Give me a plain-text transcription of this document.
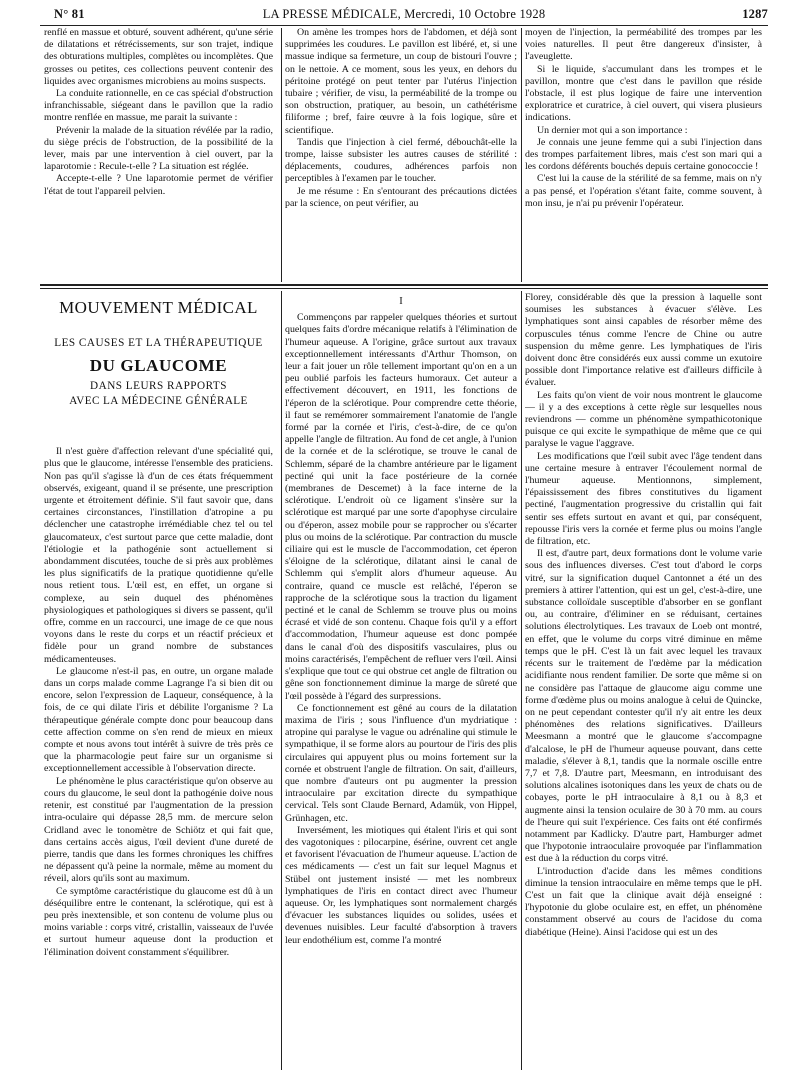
N° 81	LA PRESSE MÉDICALE, Mercredi, 10 Octobre 1928	1287

renflé en massue et obturé, souvent adhérent, qu'une série de dilatations et rétrécissements, sur son trajet, indique des obturations multiples, complètes ou incomplètes. Que grosses ou petites, ces collections peuvent contenir des liquides avec organismes microbiens au moins suspects.

La conduite rationnelle, en ce cas spécial d'obstruction infranchissable, siégeant dans le pavillon que la radio montre renflée en massue, me parait la suivante :

Prévenir la malade de la situation révélée par la radio, du siège précis de l'obstruction, de la possibilité de la lever, mais par une intervention à ciel ouvert, par la laparotomie : Recule-t-elle ? La situation est réglée.

Accepte-t-elle ? Une laparotomie permet de vérifier l'état de tout l'appareil pelvien.

On amène les trompes hors de l'abdomen, et déjà sont supprimées les coudures. Le pavillon est libéré, et, si une massue indique sa fermeture, un coup de bistouri l'ouvre ; on le nettoie. A ce moment, sous les yeux, en dehors du péritoine protégé on peut tenter par l'utérus l'injection tubaire ; vérifier, de visu, la perméabilité de la trompe ou son obstruction, pratiquer, au besoin, un cathétérisme filiforme ; bref, faire œuvre à la fois logique, sûre et scientifique.

Tandis que l'injection à ciel fermé, débouchât-elle la trompe, laisse subsister les autres causes de stérilité : déplacements, coudures, adhérences parfois non perceptibles à l'examen par le toucher.

Je me résume : En s'entourant des précautions dictées par la science, on peut vérifier, au

moyen de l'injection, la perméabilité des trompes par les voies naturelles. Il peut être dangereux d'insister, à l'aveuglette.

Si le liquide, s'accumulant dans les trompes et le pavillon, montre que c'est dans le pavillon que réside l'obstacle, il est plus logique de faire une intervention exploratrice et curatrice, à ciel ouvert, qui visera plusieurs indications.

Un dernier mot qui a son importance :

Je connais une jeune femme qui a subi l'injection dans des trompes parfaitement libres, mais c'est son mari qui a les cordons déférents bouchés depuis certaine gonococcie !

C'est lui la cause de la stérilité de sa femme, mais on n'y a pas pensé, et l'opération s'étant faite, comme souvent, à mon insu, je n'ai pu prévenir l'opérateur.

MOUVEMENT MÉDICAL
LES CAUSES ET LA THÉRAPEUTIQUE
DU GLAUCOME
DANS LEURS RAPPORTS
AVEC LA MÉDECINE GÉNÉRALE

Il n'est guère d'affection relevant d'une spécialité qui, plus que le glaucome, intéresse l'ensemble des praticiens. Non pas qu'il s'agisse là d'un de ces états fréquemment observés, exigeant, quand il se présente, une prescription urgente et étroitement définie. S'il faut savoir que, dans certaines circonstances, l'instillation d'atropine a pu déclencher une catastrophe irrémédiable chez tel ou tel glaucomateux, c'est surtout parce que cette maladie, dont l'étiologie et la pathogénie sont actuellement si abondamment discutées, touche de si près aux problèmes les plus significatifs de la pratique quotidienne qu'elle nous retient tous. L'œil est, en effet, un organe si complexe, au sein duquel des phénomènes physiologiques et pathologiques si divers se passent, qu'il offre, comme en un raccourci, une image de ce que nous voyons dans le reste du corps et un réactif précieux et fidèle pour un grand nombre de substances médicamenteuses.

Le glaucome n'est-il pas, en outre, un organe malade dans un corps malade comme Lagrange l'a si bien dit ou encore, selon l'expression de Laqueur, conséquence, à la fois, de ce qui dilate l'iris et débilite l'organisme ? La thérapeutique générale compte donc pour beaucoup dans cette affection comme on s'en rend de mieux en mieux compte et nous avons tout intérêt à suivre de très près ce que la pharmacologie peut faire sur un organisme si exceptionnellement accessible à l'observation directe.

Le phénomène le plus caractéristique qu'on observe au cours du glaucome, le seul dont la pathogénie doive nous retenir, est constitué par l'augmentation de la pression intra-oculaire qui dépasse 28,5 mm. de mercure selon Cridland avec le tonomètre de Schiötz et qui fait que, dans certains accès aigus, l'œil devient d'une dureté de pierre, tandis que dans les formes chroniques les chiffres ne dépassent qu'à peine la normale, même au moment du réveil, alors qu'ils sont au maximum.

Ce symptôme caractéristique du glaucome est dû à un déséquilibre entre le contenant, la sclérotique, qui est à peu près inextensible, et son contenu de volume plus ou moins variable : corps vitré, cristallin, vaisseaux de l'uvée et surtout humeur aqueuse dont la production et l'élimination doivent constamment s'équilibrer.

I

Commençons par rappeler quelques théories et surtout quelques faits d'ordre mécanique relatifs à l'élimination de l'humeur aqueuse. A l'origine, grâce surtout aux travaux exceptionnellement intéressants d'Arthur Thomson, on leur a fait jouer un rôle tellement important qu'on en a un peu oublié parfois les facteurs humoraux. Cet auteur a effectivement découvert, en 1911, les fonctions de l'éperon de la sclérotique. Pour comprendre cette théorie, il faut se remémorer sommairement l'anatomie de l'angle formé par la cornée et l'iris, c'est-à-dire, de ce qu'on appelle l'angle de filtration. Au fond de cet angle, à l'union de la cornée et de la sclérotique, se trouve le canal de Schlemm, séparé de la chambre antérieure par le ligament pectiné qui unit la face postérieure de la cornée (membranes de Descemet) à la face interne de la sclérotique. L'endroit où ce ligament s'insère sur la sclérotique est marqué par une sorte d'apophyse circulaire ou d'éperon, assez mobile pour se rapprocher ou s'écarter plus ou moins de la sclérotique. Par contraction du muscle ciliaire qui est le muscle de l'accommodation, cet éperon s'éloigne de la sclérotique, dilatant ainsi le canal de Schlemm qui s'emplit alors d'humeur aqueuse. Au contraire, quand ce muscle est relâché, l'éperon se rapproche de la sclérotique sous la traction du ligament pectiné et le canal de Schlemm se trouve plus ou moins écrasé et vidé de son contenu. Chaque fois qu'il y a effort d'accommodation, l'humeur aqueuse est donc pompée dans le canal d'où des dispositifs vasculaires, plus ou moins caractérisés, l'empêchent de refluer vers l'œil. Ainsi s'explique que tout ce qui obstrue cet angle de filtration ou gêne son fonctionnement diminue la marge de sûreté que l'œil possède à l'égard des surpressions.

Ce fonctionnement est gêné au cours de la dilatation maxima de l'iris ; sous l'influence d'un mydriatique : atropine qui paralyse le vague ou adrénaline qui stimule le sympathique, il se forme alors au pourtour de l'iris des plis circulaires qui appuyent plus ou moins fortement sur la cornée et obstruent l'angle de filtration. On sait, d'ailleurs, que nombre d'auteurs ont pu augmenter la pression intraoculaire par excitation directe du sympathique cervical. Tels sont Claude Bernard, Adamük, von Hippel, Grünhagen, etc.

Inversément, les miotiques qui étalent l'iris et qui sont des vagotoniques : pilocarpine, ésérine, ouvrent cet angle et favorisent l'évacuation de l'humeur aqueuse. L'action de ces médicaments — c'est un fait sur lequel Magnus et Stübel ont justement insisté — met les nombreux lymphatiques de l'iris en contact direct avec l'humeur aqueuse. Or, les lymphatiques sont normalement chargés d'évacuer les substances liquides ou solides, usées et devenues nuisibles. Leur faculté d'absorption à travers leur endothélium est, comme l'a montré

Florey, considérable dès que la pression à laquelle sont soumises les substances à évacuer s'élève. Les lymphatiques sont ainsi capables de résorber même des corpuscules ténus comme l'encre de Chine ou autre suspension du même genre. Les lymphatiques de l'iris doivent donc être considérés eux aussi comme un exutoire possible dont l'importance relative est d'ailleurs difficile à évaluer.

Les faits qu'on vient de voir nous montrent le glaucome — il y a des exceptions à cette règle sur lesquelles nous reviendrons — comme un phénomène sympathicotonique puisque ce qui excite le sympathique de même que ce qui paralyse le vague l'aggrave.

Les modifications que l'œil subit avec l'âge tendent dans une certaine mesure à entraver l'écoulement normal de l'humeur aqueuse. Mentionnons, simplement, l'épaississement des fibres constitutives du ligament pectiné, l'augmentation progressive du cristallin qui fait sentir ses effets surtout en avant et qui, par conséquent, repousse l'iris vers la cornée et ferme plus ou moins l'angle de filtration, etc.

Il est, d'autre part, deux formations dont le volume varie sous des influences diverses. C'est tout d'abord le corps vitré, sur la signification duquel Cantonnet a été un des premiers à attirer l'attention, qui est un gel, c'est-à-dire, une substance colloïdale susceptible d'absorber en se gonflant ou, au contraire, d'éliminer en se réduisant, certaines solutions électrolytiques. Les travaux de Loeb ont montré, en effet, que le volume du corps vitré diminue en même temps que le pH. C'est là un fait avec lequel les travaux récents sur le traitement de l'œdème par la médication acidifiante nous rendent familier. De sorte que même si on ne considère pas l'attaque de glaucome aigu comme une forme d'œdème plus ou moins analogue à celui de Quincke, on ne peut cependant contester qu'il n'y ait entre les deux phénomènes des relations significatives. D'ailleurs Meesmann a montré que le glaucome s'accompagne d'alcalose, le pH de l'humeur aqueuse pouvant, dans cette maladie, s'élever à 8,1, tandis que la normale oscille entre 7,7 et 7,8. D'autre part, Meesmann, en introduisant des solutions alcalines isotoniques dans les yeux de chats ou de cobayes, porte le pH intraoculaire à 8,1 ou à 8,3 et augmente ainsi la tension oculaire de 30 à 70 mm. au cours de l'heure qui suit l'expérience. Ces faits ont été confirmés notamment par Kadlicky. D'autre part, Hamburger admet que l'hypotonie intraoculaire provoquée par l'inflammation est due à la réduction du corps vitré.

L'introduction d'acide dans les mêmes conditions diminue la tension intraoculaire en même temps que le pH. C'est un fait que la clinique avait déjà enseigné : l'hypotonie du globe oculaire est, en effet, un phénomène constamment observé au cours de l'acidose du coma diabétique (Heine). Ainsi l'acidose qui est un des
